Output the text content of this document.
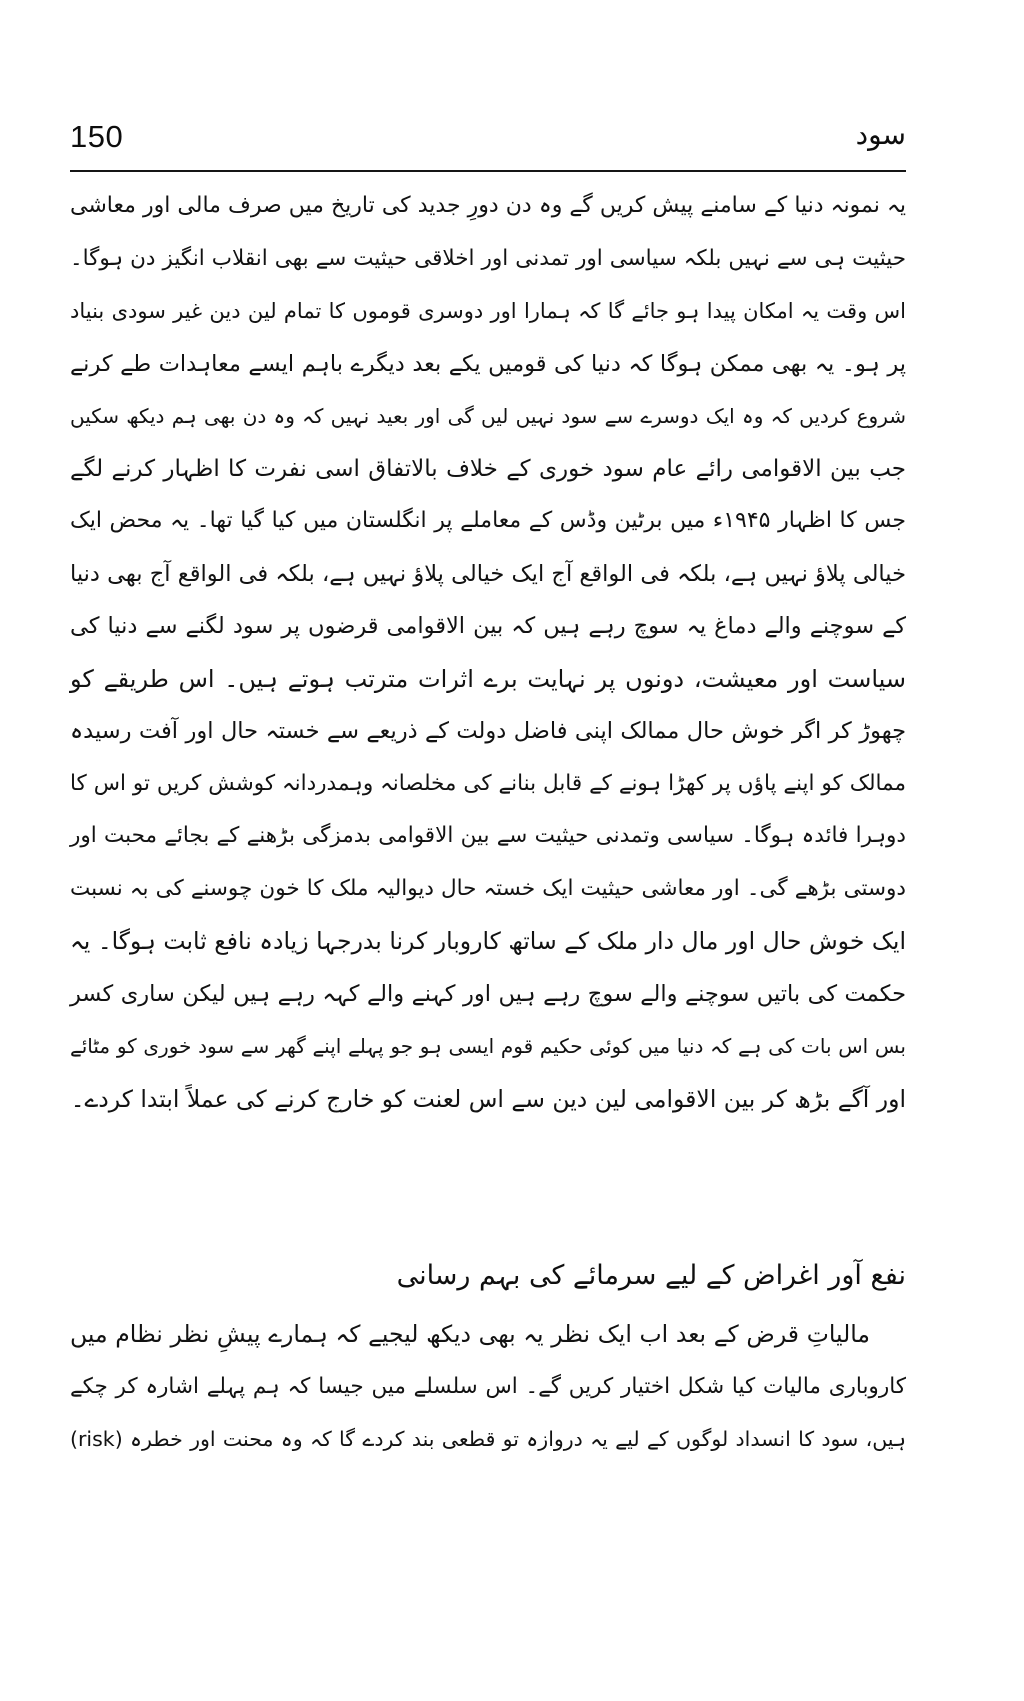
150	سود
یہ نمونہ دنیا کے سامنے پیش کریں گے وہ دن دورِ جدید کی تاریخ میں صرف مالی اور معاشی
حیثیت ہی سے نہیں بلکہ سیاسی اور تمدنی اور اخلاقی حیثیت سے بھی انقلاب انگیز دن ہوگا۔
اس وقت یہ امکان پیدا ہو جائے گا کہ ہمارا اور دوسری قوموں کا تمام لین دین غیر سودی بنیاد
پر ہو۔ یہ بھی ممکن ہوگا کہ دنیا کی قومیں یکے بعد دیگرے باہم ایسے معاہدات طے کرنے
شروع کردیں کہ وہ ایک دوسرے سے سود نہیں لیں گی اور بعید نہیں کہ وہ دن بھی ہم دیکھ سکیں
جب بین الاقوامی رائے عام سود خوری کے خلاف بالاتفاق اسی نفرت کا اظہار کرنے لگے
جس کا اظہار ۱۹۴۵ء میں برٹین وڈس کے معاملے پر انگلستان میں کیا گیا تھا۔ یہ محض ایک
خیالی پلاؤ نہیں ہے، بلکہ فی الواقع آج ایک خیالی پلاؤ نہیں ہے، بلکہ فی الواقع آج بھی دنیا
کے سوچنے والے دماغ یہ سوچ رہے ہیں کہ بین الاقوامی قرضوں پر سود لگنے سے دنیا کی
سیاست اور معیشت، دونوں پر نہایت برے اثرات مترتب ہوتے ہیں۔ اس طریقے کو
چھوڑ کر اگر خوش حال ممالک اپنی فاضل دولت کے ذریعے سے خستہ حال اور آفت رسیدہ
ممالک کو اپنے پاؤں پر کھڑا ہونے کے قابل بنانے کی مخلصانہ وہمدردانہ کوشش کریں تو اس کا
دوہرا فائدہ ہوگا۔ سیاسی وتمدنی حیثیت سے بین الاقوامی بدمزگی بڑھنے کے بجائے محبت اور
دوستی بڑھے گی۔ اور معاشی حیثیت ایک خستہ حال دیوالیہ ملک کا خون چوسنے کی بہ نسبت
ایک خوش حال اور مال دار ملک کے ساتھ کاروبار کرنا بدرجہا زیادہ نافع ثابت ہوگا۔ یہ
حکمت کی باتیں سوچنے والے سوچ رہے ہیں اور کہنے والے کہہ رہے ہیں لیکن ساری کسر
بس اس بات کی ہے کہ دنیا میں کوئی حکیم قوم ایسی ہو جو پہلے اپنے گھر سے سود خوری کو مٹائے
اور آگے بڑھ کر بین الاقوامی لین دین سے اس لعنت کو خارج کرنے کی عملاً ابتدا کردے۔
نفع آور اغراض کے لیے سرمائے کی بہم رسانی
مالیاتِ قرض کے بعد اب ایک نظر یہ بھی دیکھ لیجیے کہ ہمارے پیشِ نظر نظام میں
کاروباری مالیات کیا شکل اختیار کریں گے۔ اس سلسلے میں جیسا کہ ہم پہلے اشارہ کر چکے
ہیں، سود کا انسداد لوگوں کے لیے یہ دروازہ تو قطعی بند کردے گا کہ وہ محنت اور خطرہ (risk)
